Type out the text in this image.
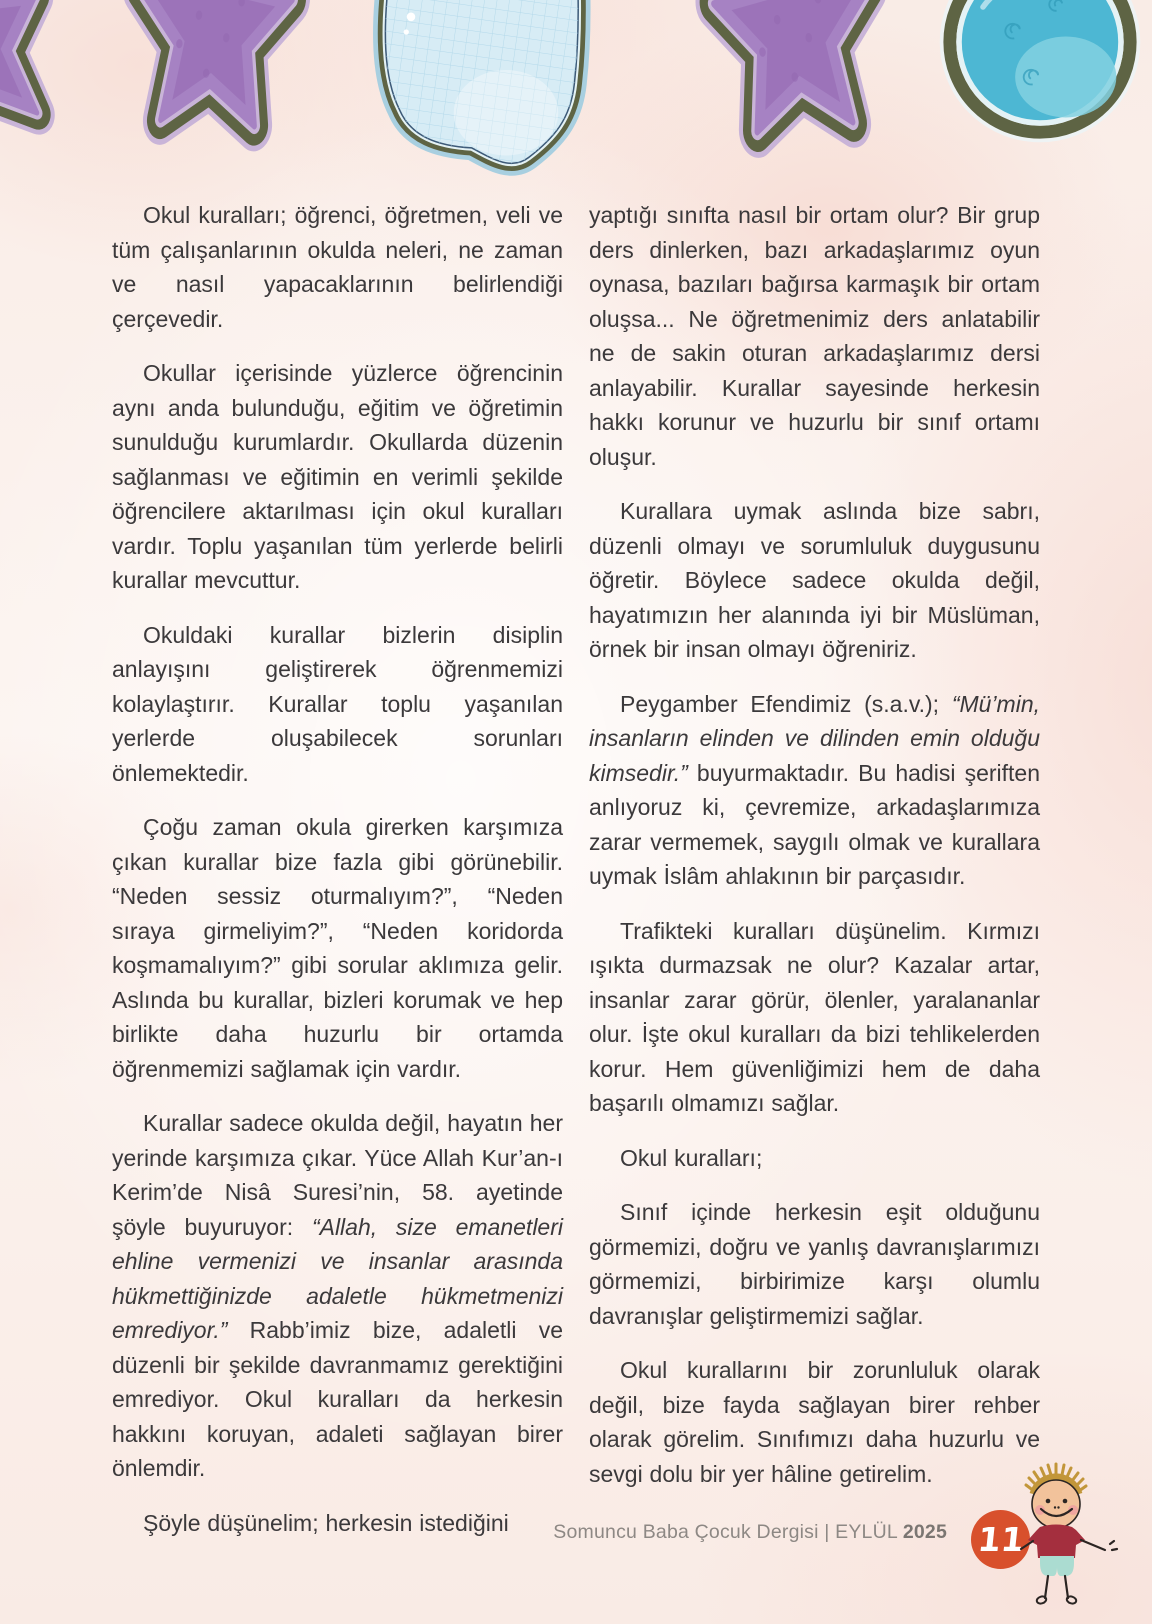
Okul kuralları; öğrenci, öğretmen, veli ve tüm çalışanlarının okulda neleri, ne zaman ve nasıl yapacaklarının belirlendiği çerçevedir.

Okullar içerisinde yüzlerce öğrencinin aynı anda bulunduğu, eğitim ve öğretimin sunulduğu kurumlardır. Okullarda düzenin sağlanması ve eğitimin en verimli şekilde öğrencilere aktarılması için okul kuralları vardır. Toplu yaşanılan tüm yerlerde belirli kurallar mevcuttur.

Okuldaki kurallar bizlerin disiplin anlayışını geliştirerek öğrenmemizi kolaylaştırır. Kurallar toplu yaşanılan yerlerde oluşabilecek sorunları önlemektedir.

Çoğu zaman okula girerken karşımıza çıkan kurallar bize fazla gibi görünebilir. “Neden sessiz oturmalıyım?”, “Neden sıraya girmeliyim?”, “Neden koridorda koşmamalıyım?” gibi sorular aklımıza gelir. Aslında bu kurallar, bizleri korumak ve hep birlikte daha huzurlu bir ortamda öğrenmemizi sağlamak için vardır.

Kurallar sadece okulda değil, hayatın her yerinde karşımıza çıkar. Yüce Allah Kur’an-ı Kerim’de Nisâ Suresi’nin, 58. ayetinde şöyle buyuruyor: “Allah, size emanetleri ehline vermenizi ve insanlar arasında hükmettiğinizde adaletle hükmetmenizi emrediyor.” Rabb’imiz bize, adaletli ve düzenli bir şekilde davranmamız gerektiğini emrediyor. Okul kuralları da herkesin hakkını koruyan, adaleti sağlayan birer önlemdir.

Şöyle düşünelim; herkesin istediğini

yaptığı sınıfta nasıl bir ortam olur? Bir grup ders dinlerken, bazı arkadaşlarımız oyun oynasa, bazıları bağırsa karmaşık bir ortam oluşsa... Ne öğretmenimiz ders anlatabilir ne de sakin oturan arkadaşlarımız dersi anlayabilir. Kurallar sayesinde herkesin hakkı korunur ve huzurlu bir sınıf ortamı oluşur.

Kurallara uymak aslında bize sabrı, düzenli olmayı ve sorumluluk duygusunu öğretir. Böylece sadece okulda değil, hayatımızın her alanında iyi bir Müslüman, örnek bir insan olmayı öğreniriz.

Peygamber Efendimiz (s.a.v.); “Mü’min, insanların elinden ve dilinden emin olduğu kimsedir.” buyurmaktadır. Bu hadisi şeriften anlıyoruz ki, çevremize, arkadaşlarımıza zarar vermemek, saygılı olmak ve kurallara uymak İslâm ahlakının bir parçasıdır.

Trafikteki kuralları düşünelim. Kırmızı ışıkta durmazsak ne olur? Kazalar artar, insanlar zarar görür, ölenler, yaralananlar olur. İşte okul kuralları da bizi tehlikelerden korur. Hem güvenliğimizi hem de daha başarılı olmamızı sağlar.

Okul kuralları;

Sınıf içinde herkesin eşit olduğunu görmemizi, doğru ve yanlış davranışlarımızı görmemizi, birbirimize karşı olumlu davranışlar geliştirmemizi sağlar.

Okul kurallarını bir zorunluluk olarak değil, bize fayda sağlayan birer rehber olarak görelim. Sınıfımızı daha huzurlu ve sevgi dolu bir yer hâline getirelim.

Somuncu Baba Çocuk Dergisi | EYLÜL 2025 11
